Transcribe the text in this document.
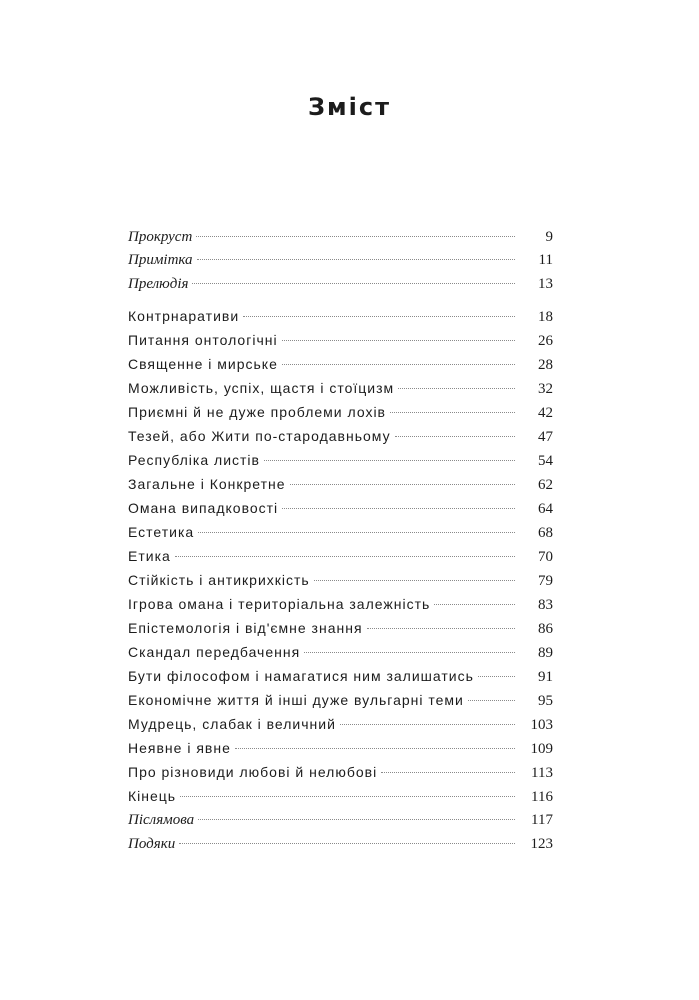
Зміст
Прокруст	9
Примітка	11
Прелюдія	13
Контрнаративи	18
Питання онтологічні	26
Священне і мирське	28
Можливість, успіх, щастя і стоїцизм	32
Приємні й не дуже проблеми лохів	42
Тезей, або Жити по-стародавньому	47
Республіка листів	54
Загальне і Конкретне	62
Омана випадковості	64
Естетика	68
Етика	70
Стійкість і антикрихкість	79
Ігрова омана і територіальна залежність	83
Епістемологія і від'ємне знання	86
Скандал передбачення	89
Бути філософом і намагатися ним залишатись	91
Економічне життя й інші дуже вульгарні теми	95
Мудрець, слабак і величний	103
Неявне і явне	109
Про різновиди любові й нелюбові	113
Кінець	116
Післямова	117
Подяки	123
